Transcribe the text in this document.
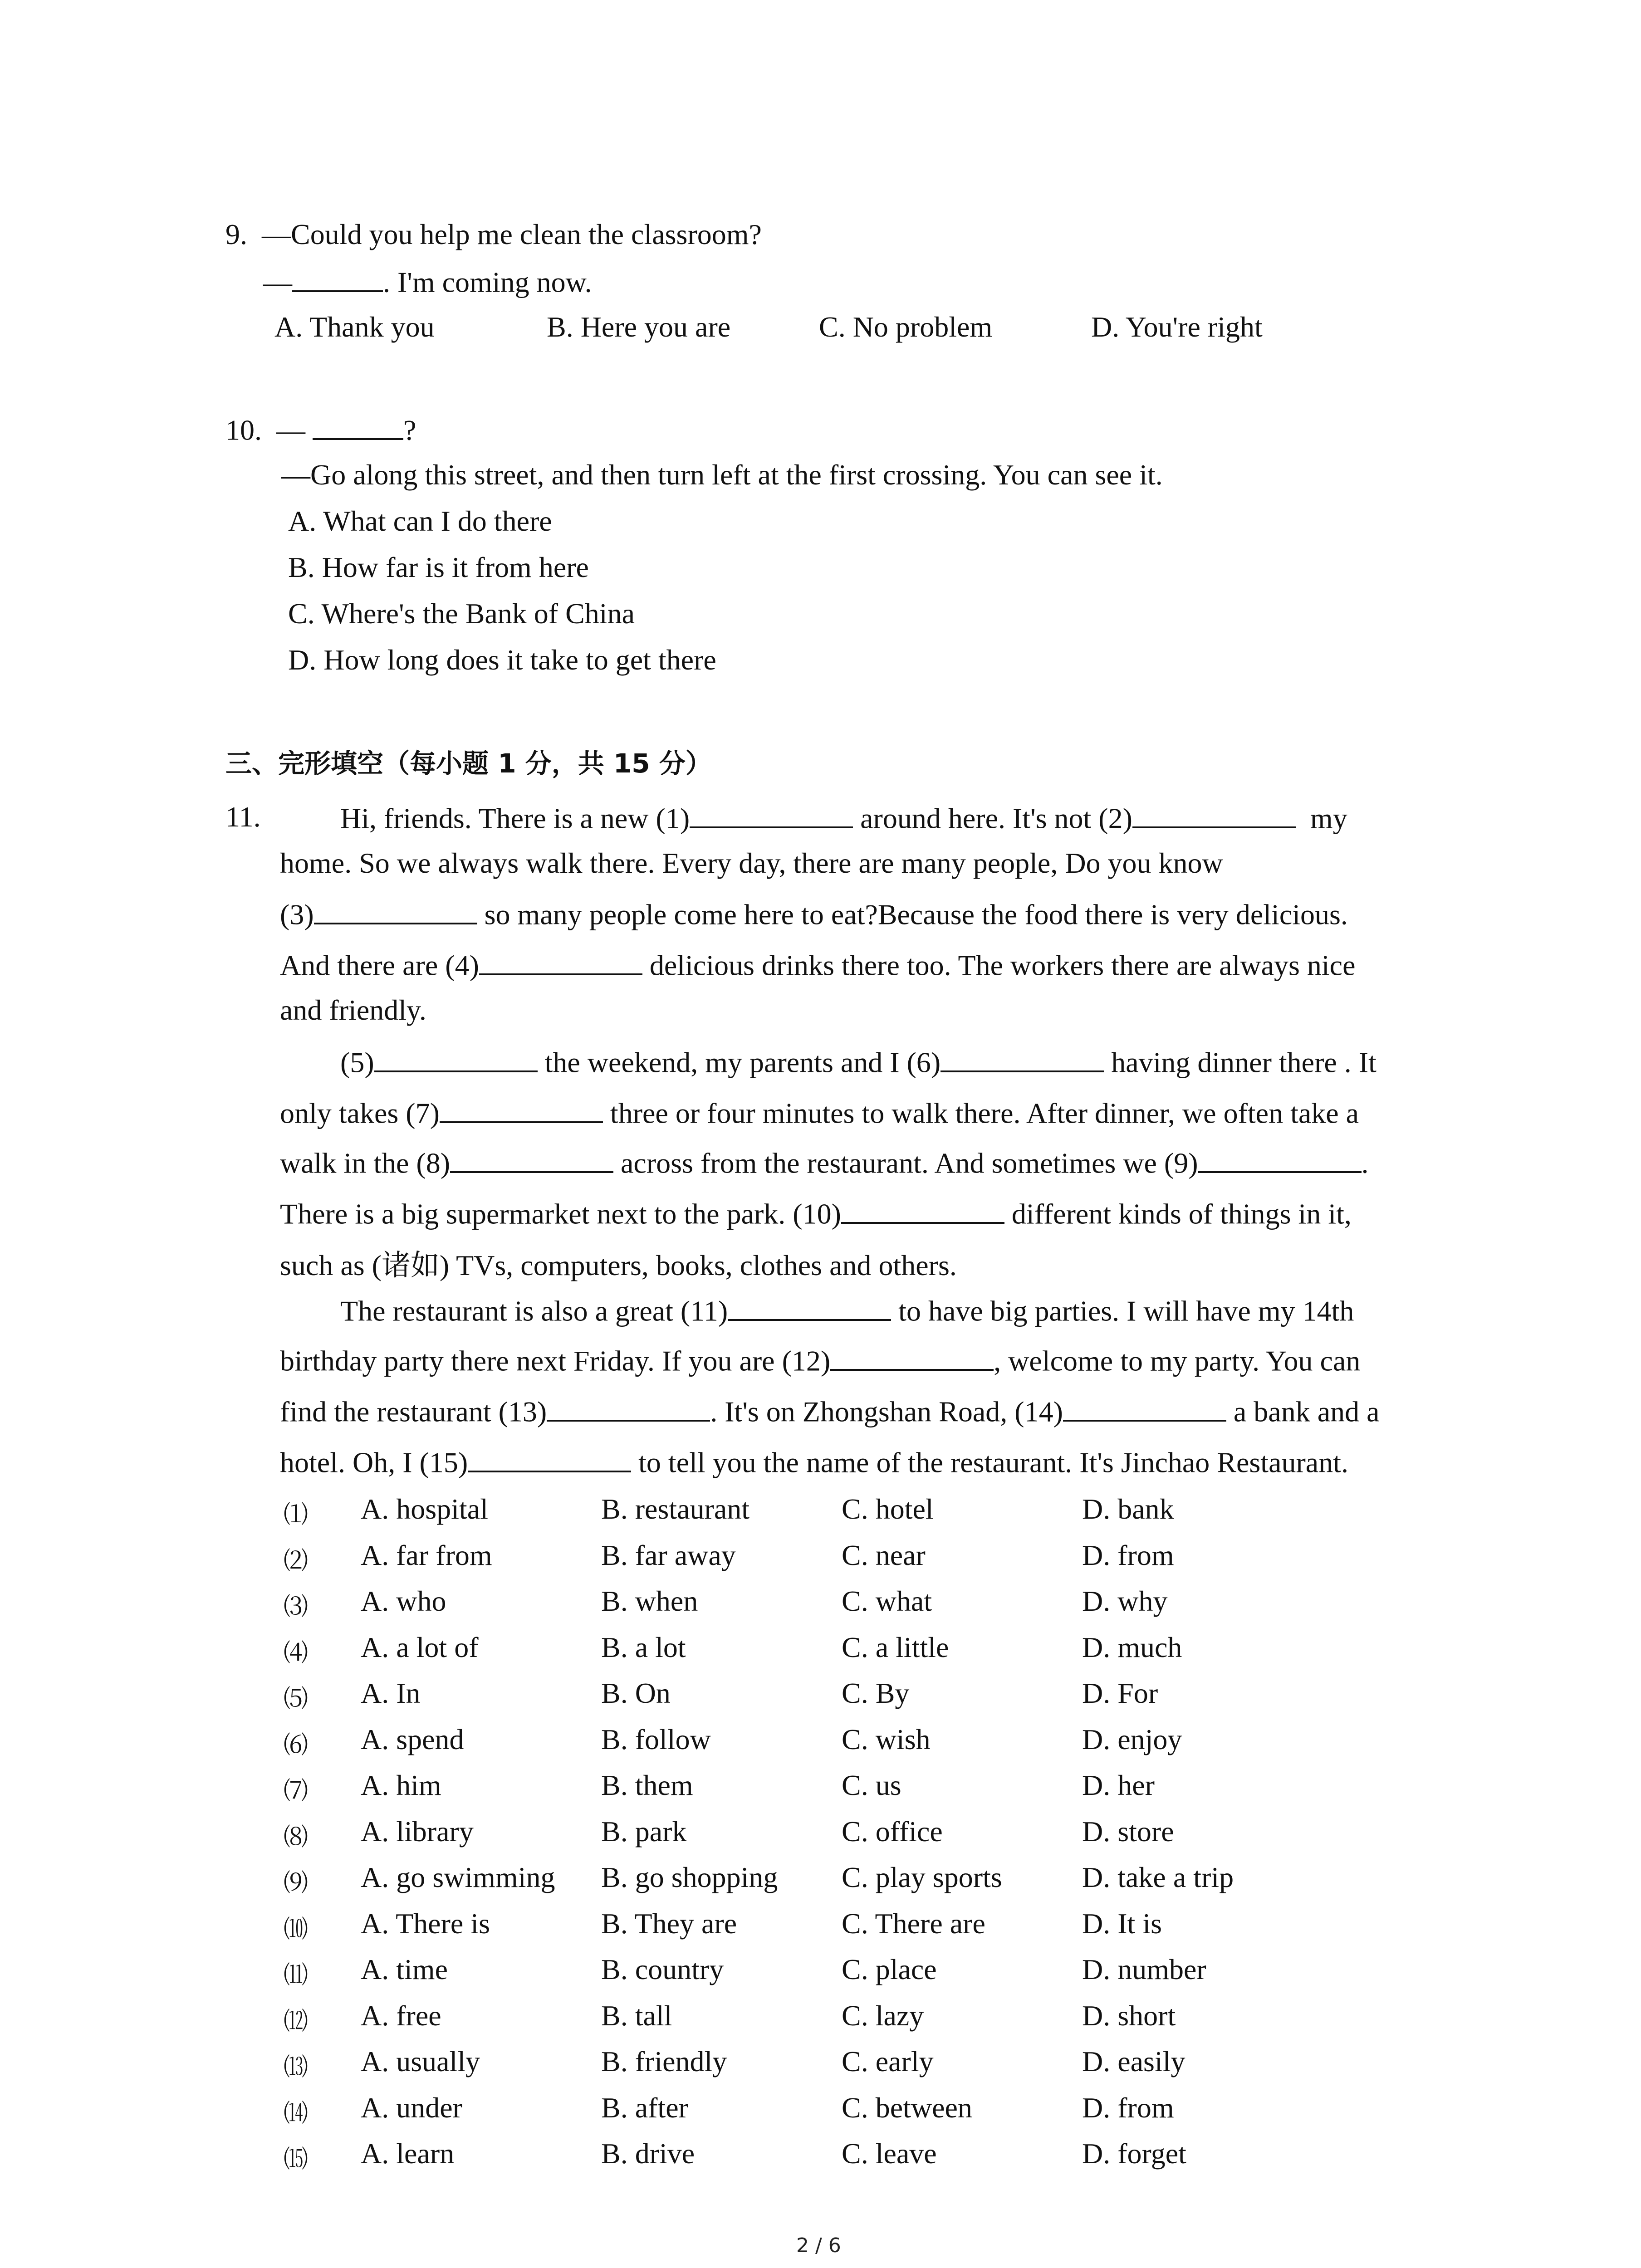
9. —Could you help me clean the classroom?
—	. I'm coming now.
A. Thank you	B. Here you are	C. No problem	D. You're right
10. —	?
—Go along this street, and then turn left at the first crossing. You can see it.
A. What can I do there
B. How far is it from here
C. Where's the Bank of China
D. How long does it take to get there
三、完形填空（每小题 1 分，共 15 分）
11.	Hi, friends. There is a new (1)	around here. It's not (2)	my
home. So we always walk there. Every day, there are many people, Do you know
(3)	so many people come here to eat?Because the food there is very delicious.
And there are (4)	delicious drinks there too. The workers there are always nice
and friendly.
(5)	the weekend, my parents and I (6)	having dinner there . It
only takes (7)	three or four minutes to walk there. After dinner, we often take a
walk in the (8)	across from the restaurant. And sometimes we (9)	.
There is a big supermarket next to the park. (10)	different kinds of things in it,
such as (诸如) TVs, computers, books, clothes and others.
The restaurant is also a great (11)	to have big parties. I will have my 14th
birthday party there next Friday. If you are (12)	, welcome to my party. You can
find the restaurant (13)	. It's on Zhongshan Road, (14)	a bank and a
hotel. Oh, I (15)	to tell you the name of the restaurant. It's Jinchao Restaurant.
⑴ A. hospital	B. restaurant	C. hotel	D. bank
⑵ A. far from	B. far away	C. near	D. from
⑶ A. who	B. when	C. what	D. why
⑷ A. a lot of	B. a lot	C. a little	D. much
⑸ A. In	B. On	C. By	D. For
⑹ A. spend	B. follow	C. wish	D. enjoy
⑺ A. him	B. them	C. us	D. her
⑻ A. library	B. park	C. office	D. store
⑼ A. go swimming B. go shopping C. play sports	D. take a trip
⑽ A. There is	B. They are	C. There are	D. It is
⑾ A. time	B. country	C. place	D. number
⑿ A. free	B. tall	C. lazy	D. short
⒀ A. usually	B. friendly	C. early	D. easily
⒁ A. under	B. after	C. between	D. from
⒂ A. learn	B. drive	C. leave	D. forget
2 / 6
